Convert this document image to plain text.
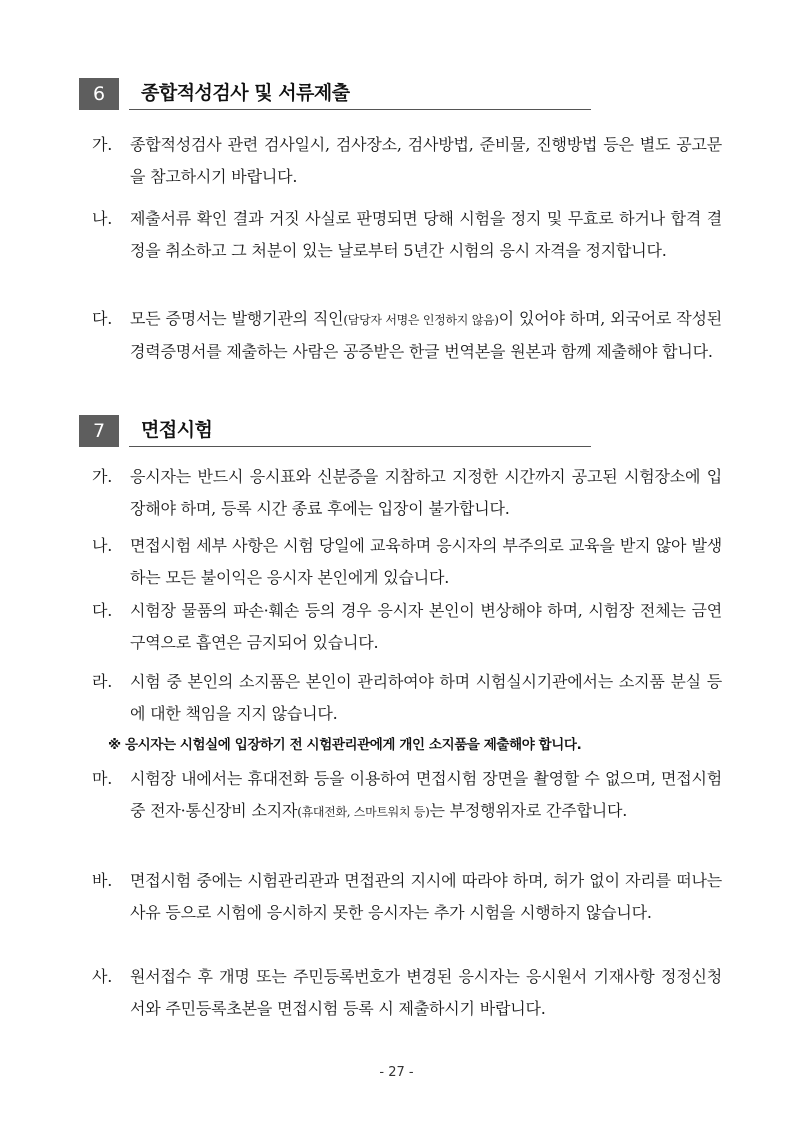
6	종합적성검사 및 서류제출
가.	종합적성검사 관련 검사일시, 검사장소, 검사방법, 준비물, 진행방법 등은 별도 공고문을 참고하시기 바랍니다.
나.	제출서류 확인 결과 거짓 사실로 판명되면 당해 시험을 정지 및 무효로 하거나 합격 결정을 취소하고 그 처분이 있는 날로부터 5년간 시험의 응시 자격을 정지합니다.
다.	모든 증명서는 발행기관의 직인(담당자 서명은 인정하지 않음)이 있어야 하며, 외국어로 작성된 경력증명서를 제출하는 사람은 공증받은 한글 번역본을 원본과 함께 제출해야 합니다.
7	면접시험
가.	응시자는 반드시 응시표와 신분증을 지참하고 지정한 시간까지 공고된 시험장소에 입장해야 하며, 등록 시간 종료 후에는 입장이 불가합니다.
나.	면접시험 세부 사항은 시험 당일에 교육하며 응시자의 부주의로 교육을 받지 않아 발생하는 모든 불이익은 응시자 본인에게 있습니다.
다.	시험장 물품의 파손·훼손 등의 경우 응시자 본인이 변상해야 하며, 시험장 전체는 금연 구역으로 흡연은 금지되어 있습니다.
라.	시험 중 본인의 소지품은 본인이 관리하여야 하며 시험실시기관에서는 소지품 분실 등에 대한 책임을 지지 않습니다.
※ 응시자는 시험실에 입장하기 전 시험관리관에게 개인 소지품을 제출해야 합니다.
마.	시험장 내에서는 휴대전화 등을 이용하여 면접시험 장면을 촬영할 수 없으며, 면접시험 중 전자·통신장비 소지자(휴대전화, 스마트워치 등)는 부정행위자로 간주합니다.
바.	면접시험 중에는 시험관리관과 면접관의 지시에 따라야 하며, 허가 없이 자리를 떠나는 사유 등으로 시험에 응시하지 못한 응시자는 추가 시험을 시행하지 않습니다.
사.	원서접수 후 개명 또는 주민등록번호가 변경된 응시자는 응시원서 기재사항 정정신청서와 주민등록초본을 면접시험 등록 시 제출하시기 바랍니다.
- 27 -
